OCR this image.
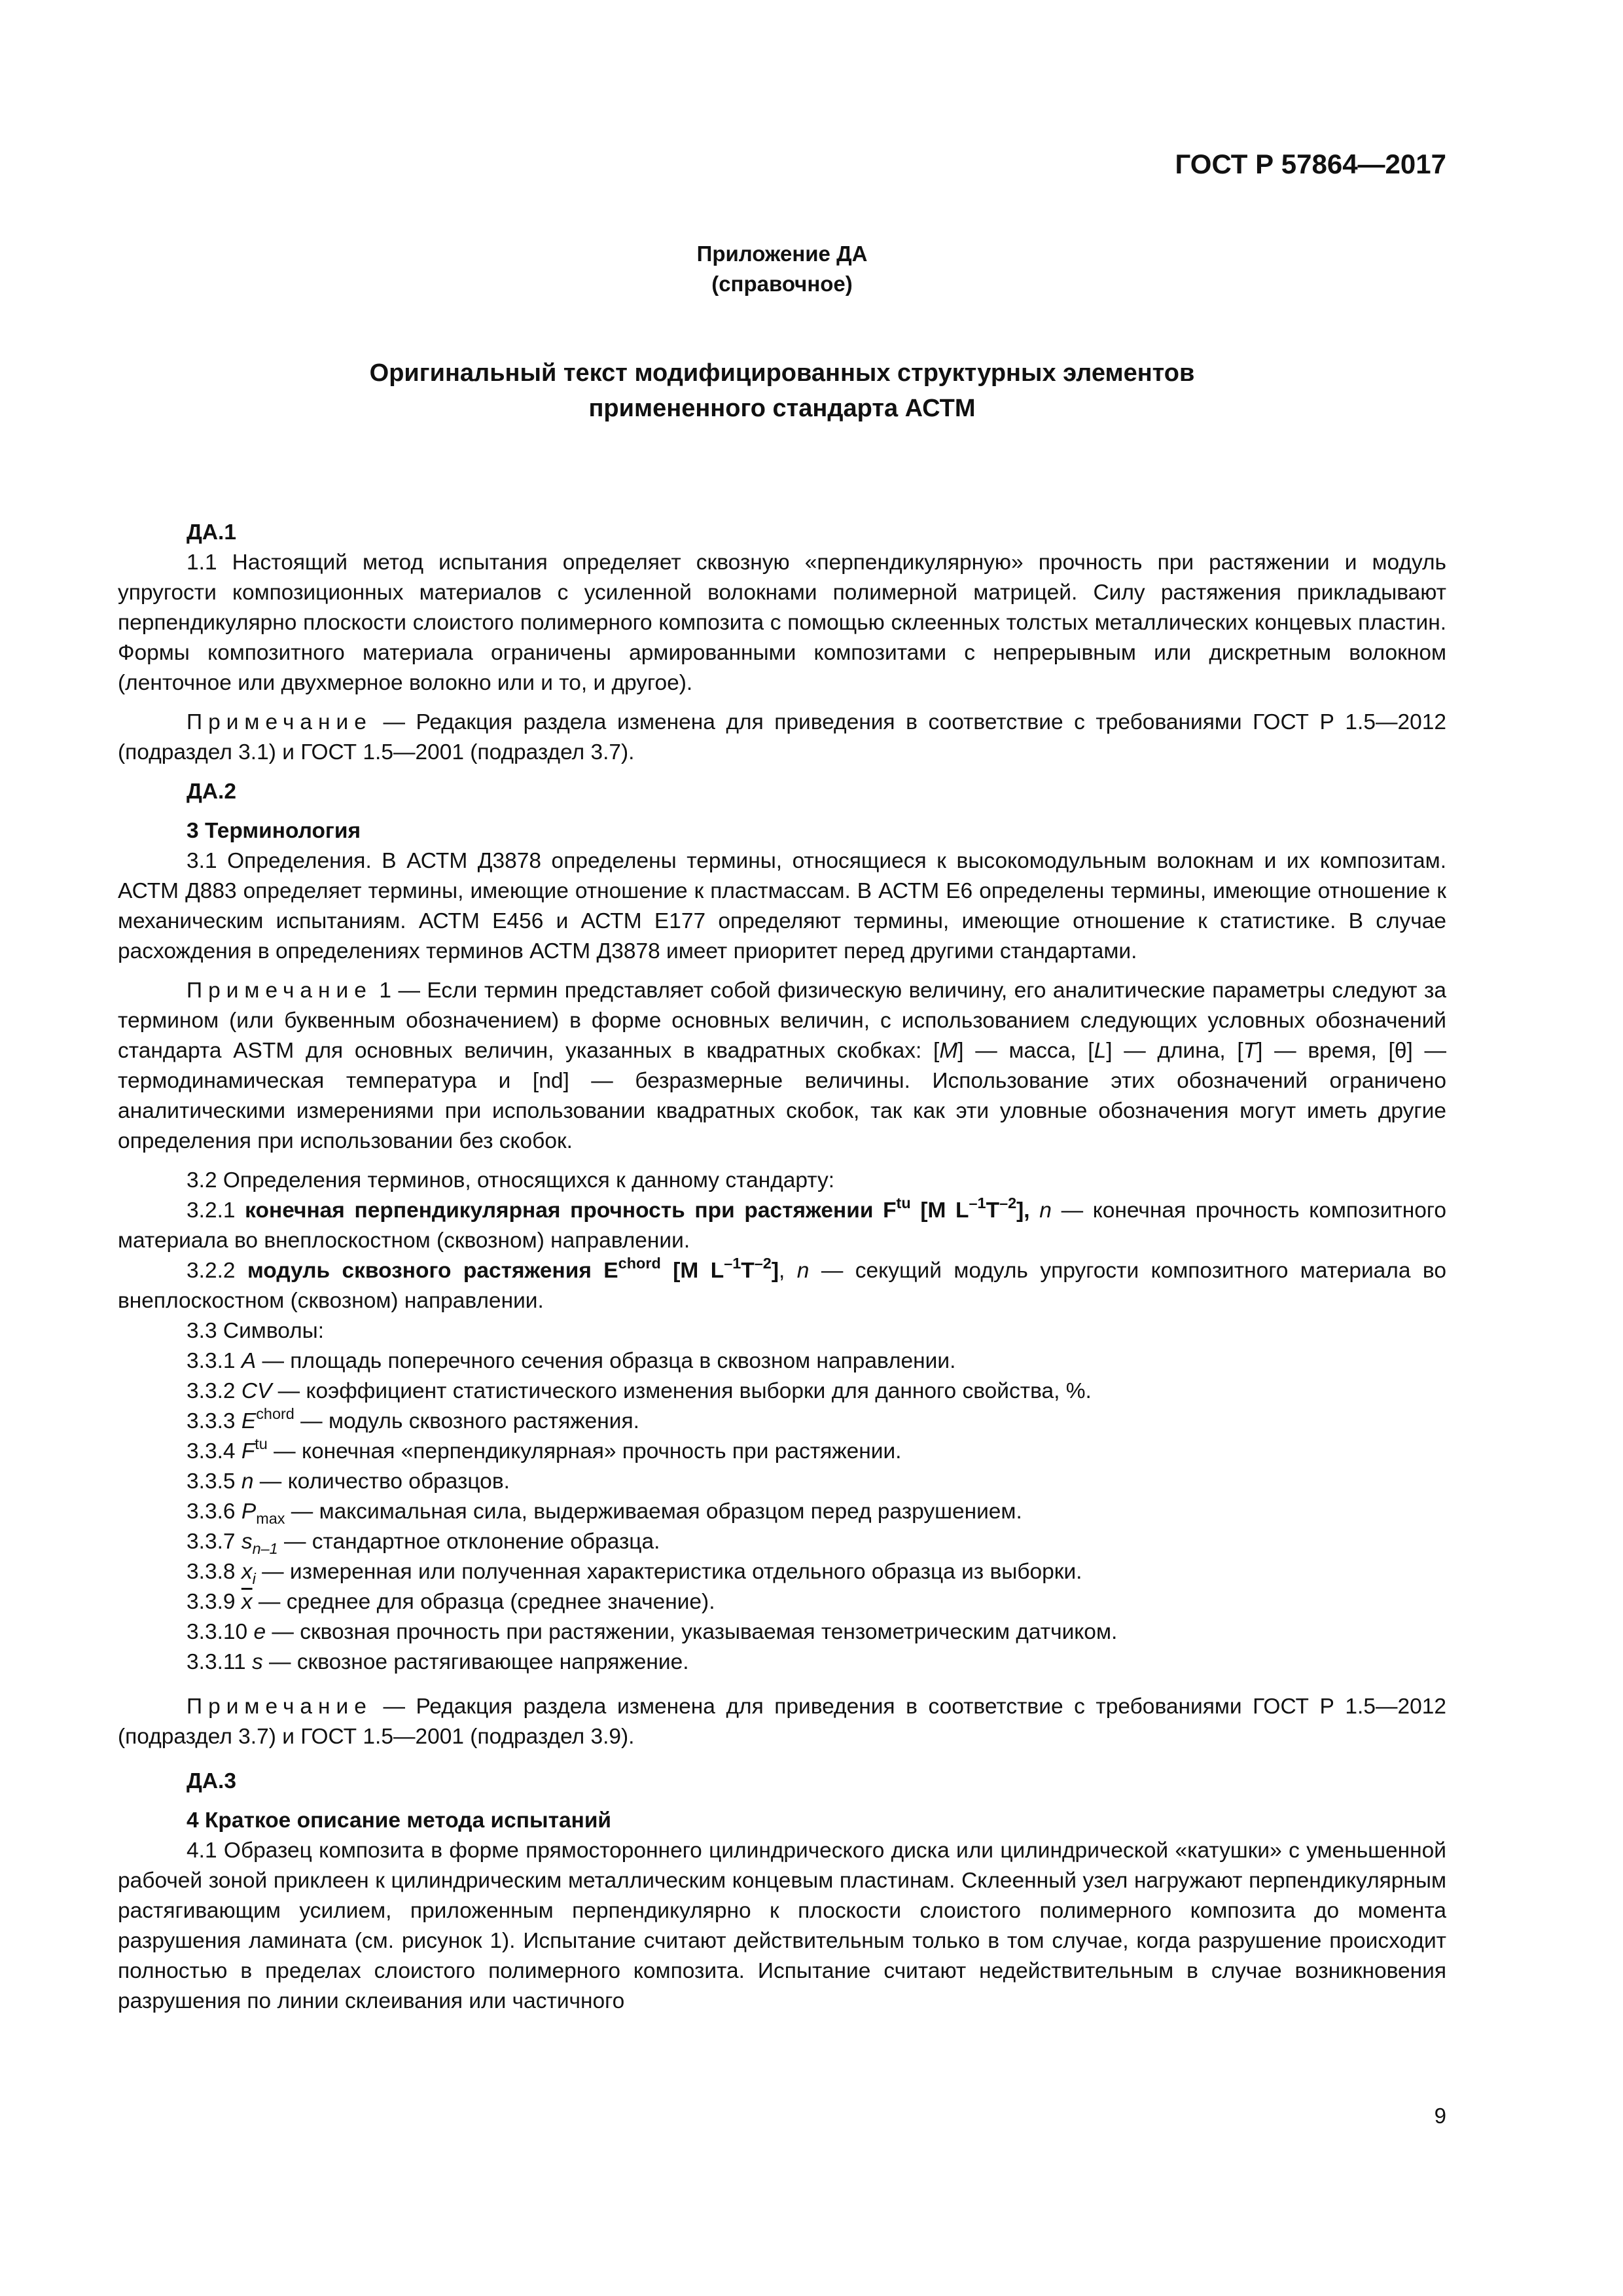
ГОСТ Р 57864—2017
Приложение ДА
(справочное)
Оригинальный текст модифицированных структурных элементов
примененного стандарта АСТМ

ДА.1

1.1 Настоящий метод испытания определяет сквозную «перпендикулярную» прочность при растяжении и модуль упругости композиционных материалов с усиленной волокнами полимерной матрицей. Силу растяжения прикладывают перпендикулярно плоскости слоистого полимерного композита с помощью склеенных толстых металлических концевых пластин. Формы композитного материала ограничены армированными композитами с непрерывным или дискретным волокном (ленточное или двухмерное волокно или и то, и другое).

Примечание — Редакция раздела изменена для приведения в соответствие с требованиями ГОСТ Р 1.5—2012 (подраздел 3.1) и ГОСТ 1.5—2001 (подраздел 3.7).

ДА.2

3 Терминология

3.1 Определения. В АСТМ Д3878 определены термины, относящиеся к высокомодульным волокнам и их композитам. АСТМ Д883 определяет термины, имеющие отношение к пластмассам. В АСТМ Е6 определены термины, имеющие отношение к механическим испытаниям. АСТМ Е456 и АСТМ Е177 определяют термины, имеющие отношение к статистике. В случае расхождения в определениях терминов АСТМ Д3878 имеет приоритет перед другими стандартами.

Примечание 1 — Если термин представляет собой физическую величину, его аналитические параметры следуют за термином (или буквенным обозначением) в форме основных величин, с использованием следующих условных обозначений стандарта ASTM для основных величин, указанных в квадратных скобках: [M] — масса, [L] — длина, [T] — время, [θ] — термодинамическая температура и [nd] — безразмерные величины. Использование этих обозначений ограничено аналитическими измерениями при использовании квадратных скобок, так как эти уловные обозначения могут иметь другие определения при использовании без скобок.

3.2 Определения терминов, относящихся к данному стандарту:

3.2.1 конечная перпендикулярная прочность при растяжении $F^{tu}$ [M $L^{-1}T^{-2}$], n — конечная прочность композитного материала во внеплоскостном (сквозном) направлении.

3.2.2 модуль сквозного растяжения $E^{chord}$ [M $L^{-1}T^{-2}$], n — секущий модуль упругости композитного материала во внеплоскостном (сквозном) направлении.

3.3 Символы:

3.3.1 A — площадь поперечного сечения образца в сквозном направлении.

3.3.2 CV — коэффициент статистического изменения выборки для данного свойства, %.

3.3.3 $E^{chord}$ — модуль сквозного растяжения.

3.3.4 $F^{tu}$ — конечная «перпендикулярная» прочность при растяжении.

3.3.5 n — количество образцов.

3.3.6 $P_{max}$ — максимальная сила, выдерживаемая образцом перед разрушением.

3.3.7 $s_{n-1}$ — стандартное отклонение образца.

3.3.8 $x_i$ — измеренная или полученная характеристика отдельного образца из выборки.

3.3.9 $\overline{x}$ — среднее для образца (среднее значение).

3.3.10 e — сквозная прочность при растяжении, указываемая тензометрическим датчиком.

3.3.11 s — сквозное растягивающее напряжение.

Примечание — Редакция раздела изменена для приведения в соответствие с требованиями ГОСТ Р 1.5—2012 (подраздел 3.7) и ГОСТ 1.5—2001 (подраздел 3.9).

ДА.3

4 Краткое описание метода испытаний

4.1 Образец композита в форме прямостороннего цилиндрического диска или цилиндрической «катушки» с уменьшенной рабочей зоной приклеен к цилиндрическим металлическим концевым пластинам. Склеенный узел нагружают перпендикулярным растягивающим усилием, приложенным перпендикулярно к плоскости слоистого полимерного композита до момента разрушения ламината (см. рисунок 1). Испытание считают действительным только в том случае, когда разрушение происходит полностью в пределах слоистого полимерного композита. Испытание считают недействительным в случае возникновения разрушения по линии склеивания или частичного

9
